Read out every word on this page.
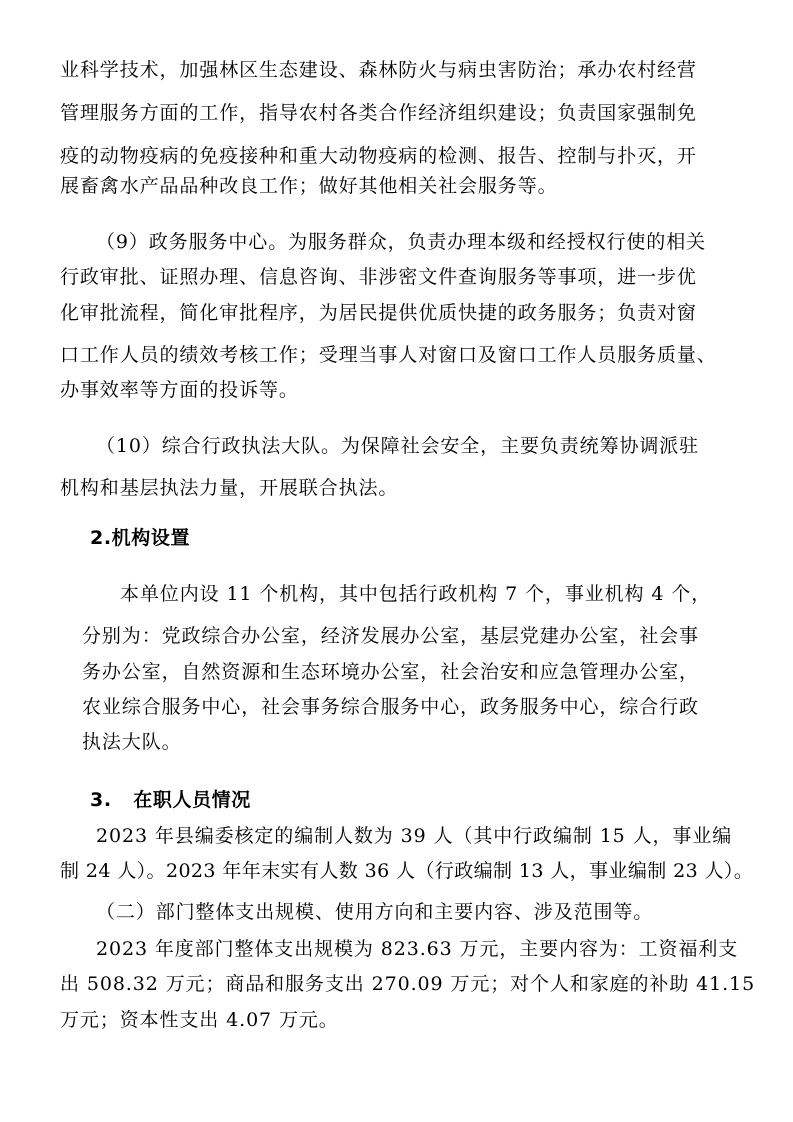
业科学技术，加强林区生态建设、森林防火与病虫害防治；承办农村经营
管理服务方面的工作，指导农村各类合作经济组织建设；负责国家强制免
疫的动物疫病的免疫接种和重大动物疫病的检测、报告、控制与扑灭，开
展畜禽水产品品种改良工作；做好其他相关社会服务等。
（9）政务服务中心。为服务群众，负责办理本级和经授权行使的相关
行政审批、证照办理、信息咨询、非涉密文件查询服务等事项，进一步优
化审批流程，简化审批程序，为居民提供优质快捷的政务服务；负责对窗
口工作人员的绩效考核工作；受理当事人对窗口及窗口工作人员服务质量、
办事效率等方面的投诉等。
（10）综合行政执法大队。为保障社会安全，主要负责统筹协调派驻
机构和基层执法力量，开展联合执法。
2.机构设置
本单位内设 11 个机构，其中包括行政机构 7 个，事业机构 4 个，
分别为：党政综合办公室，经济发展办公室，基层党建办公室，社会事
务办公室，自然资源和生态环境办公室，社会治安和应急管理办公室，
农业综合服务中心，社会事务综合服务中心，政务服务中心，综合行政
执法大队。
3.   在职人员情况
2023 年县编委核定的编制人数为 39 人（其中行政编制 15 人，事业编
制 24 人）。2023 年年末实有人数 36 人（行政编制 13 人，事业编制 23 人）。
（二）部门整体支出规模、使用方向和主要内容、涉及范围等。
2023 年度部门整体支出规模为 823.63 万元，主要内容为：工资福利支
出 508.32 万元；商品和服务支出 270.09 万元；对个人和家庭的补助 41.15
万元；资本性支出 4.07 万元。
